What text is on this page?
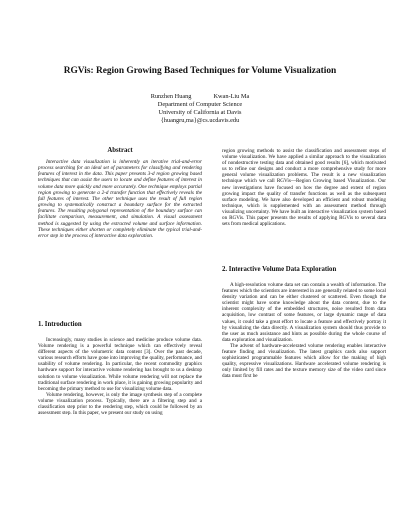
RGVis: Region Growing Based Techniques for Volume Visualization
Runzhen Huang	Kwan-Liu Ma
Department of Computer Science
University of California at Davis
{huangru,ma}@cs.ucdavis.edu
Abstract
Interactive data visualization is inherently an iterative trial-and-error process searching for an ideal set of parameters for classifying and rendering features of interest in the data. This paper presents 3-d region growing based techniques that can assist the users to locate and define features of interest in volume data more quickly and more accurately. One technique employs partial region growing to generate a 2-d transfer function that effectively reveals the full features of interest. The other technique uses the result of full region growing to systematically construct a boundary surface for the extracted features. The resulting polygonal representation of the boundary surface can facilitate comparison, measurement, and simulation. A visual assessment method is suggested by using the extracted volume and surface information. These techniques either shorten or completely eliminate the typical trial-and-error step in the process of interactive data exploration.
1. Introduction

Increasingly, many studies in science and medicine produce volume data. Volume rendering is a powerful technique which can effectively reveal different aspects of the volumetric data content [3]. Over the past decade, various research efforts have gone into improving the quality, performance, and usability of volume rendering. In particular, the recent commodity graphics hardware support for interactive volume rendering has brought to us a desktop solution to volume visualization. While volume rendering will not replace the traditional surface rendering in work place, it is gaining growing popularity and becoming the primary method to use for visualizing volume data.

Volume rendering, however, is only the image synthesis step of a complete volume visualization process. Typically, there are a filtering step and a classification step prior to the rendering step, which could be followed by an assessment step. In this paper, we present our study on using

region growing methods to assist the classification and assessment steps of volume visualization. We have applied a similar approach to the visualization of nondestructive testing data and obtained good results [6], which motivated us to refine our designs and conduct a more comprehensive study for more general volume visualization problems. The result is a new visualization technique which we call RGVis—Region Growing based Visualization. Our new investigations have focused on how the degree and extent of region growing impact the quality of transfer functions as well as the subsequent surface modeling. We have also developed an efficient and robust modeling technique, which is supplemented with an assessment method through visualizing uncertainty. We have built an interactive visualization system based on RGVis. This paper presents the results of applying RGVis to several data sets from medical applications.

2. Interactive Volume Data Exploration

A high-resolution volume data set can contain a wealth of information. The features which the scientists are interested in are generally related to some local density variation and can be either clustered or scattered. Even though the scientist might have some knowledge about the data content, due to the inherent complexity of the embedded structures, noise resulted from data acquisition, low contrast of some features, or large dynamic range of data values, it could take a great effort to locate a feature and effectively portray it by visualizing the data directly. A visualization system should thus provide to the user as much assistance and hints as possible during the whole course of data exploration and visualization.

The advent of hardware-accelerated volume rendering enables interactive feature finding and visualization. The latest graphics cards also support sophisticated programmable features which allow for the making of high quality, expressive visualizations. Hardware accelerated volume rendering is only limited by fill rates and the texture memory size of the video card since data must first be
